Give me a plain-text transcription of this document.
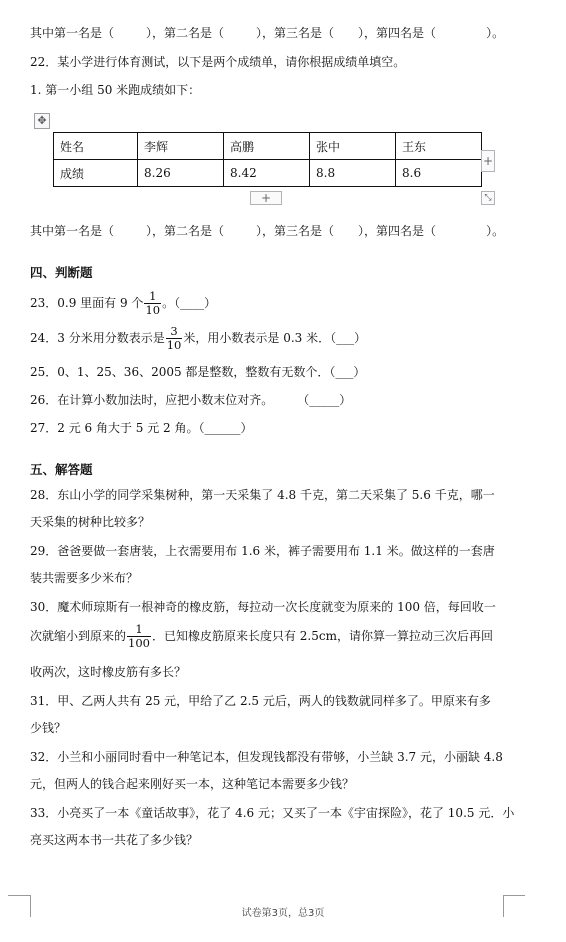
其中第一名是（	），第二名是（	），第三名是（ ），第四名是（	）。
22．某小学进行体育测试，以下是两个成绩单，请你根据成绩单填空。
1. 第一小组 50 米跑成绩如下：
✥
姓名	李辉	高鹏	张中	王东
成绩	8.26	8.42	8.8	8.6
+
+	⤡
其中第一名是（	），第二名是（	），第三名是（ ），第四名是（	）。
四、判断题
23．0.9 里面有 9 个 $\frac{1}{10}$ 。（____）
24．3 分米用分数表示是 $\frac{3}{10}$ 米，用小数表示是 0.3 米．（___）
25．0、1、25、36、2005 都是整数，整数有无数个．（___）
26．在计算小数加法时，应把小数末位对齐。　　　（_____）
27．2 元 6 角大于 5 元 2 角。（______）
五、解答题
28．东山小学的同学采集树种，第一天采集了 4.8 千克，第二天采集了 5.6 千克，哪一
天采集的树种比较多？
29．爸爸要做一套唐装，上衣需要用布 1.6 米，裤子需要用布 1.1 米。做这样的一套唐
装共需要多少米布？
30．魔术师琼斯有一根神奇的橡皮筋，每拉动一次长度就变为原来的 100 倍，每回收一
次就缩小到原来的 $\frac{1}{100}$ ．已知橡皮筋原来长度只有 2.5cm，请你算一算拉动三次后再回
收两次，这时橡皮筋有多长？
31．甲、乙两人共有 25 元，甲给了乙 2.5 元后，两人的钱数就同样多了。甲原来有多
少钱？
32．小兰和小丽同时看中一种笔记本，但发现钱都没有带够，小兰缺 3.7 元，小丽缺 4.8
元，但两人的钱合起来刚好买一本，这种笔记本需要多少钱？
33．小亮买了一本《童话故事》，花了 4.6 元；又买了一本《宇宙探险》，花了 10.5 元．小
亮买这两本书一共花了多少钱？
试卷第3页，总3页
